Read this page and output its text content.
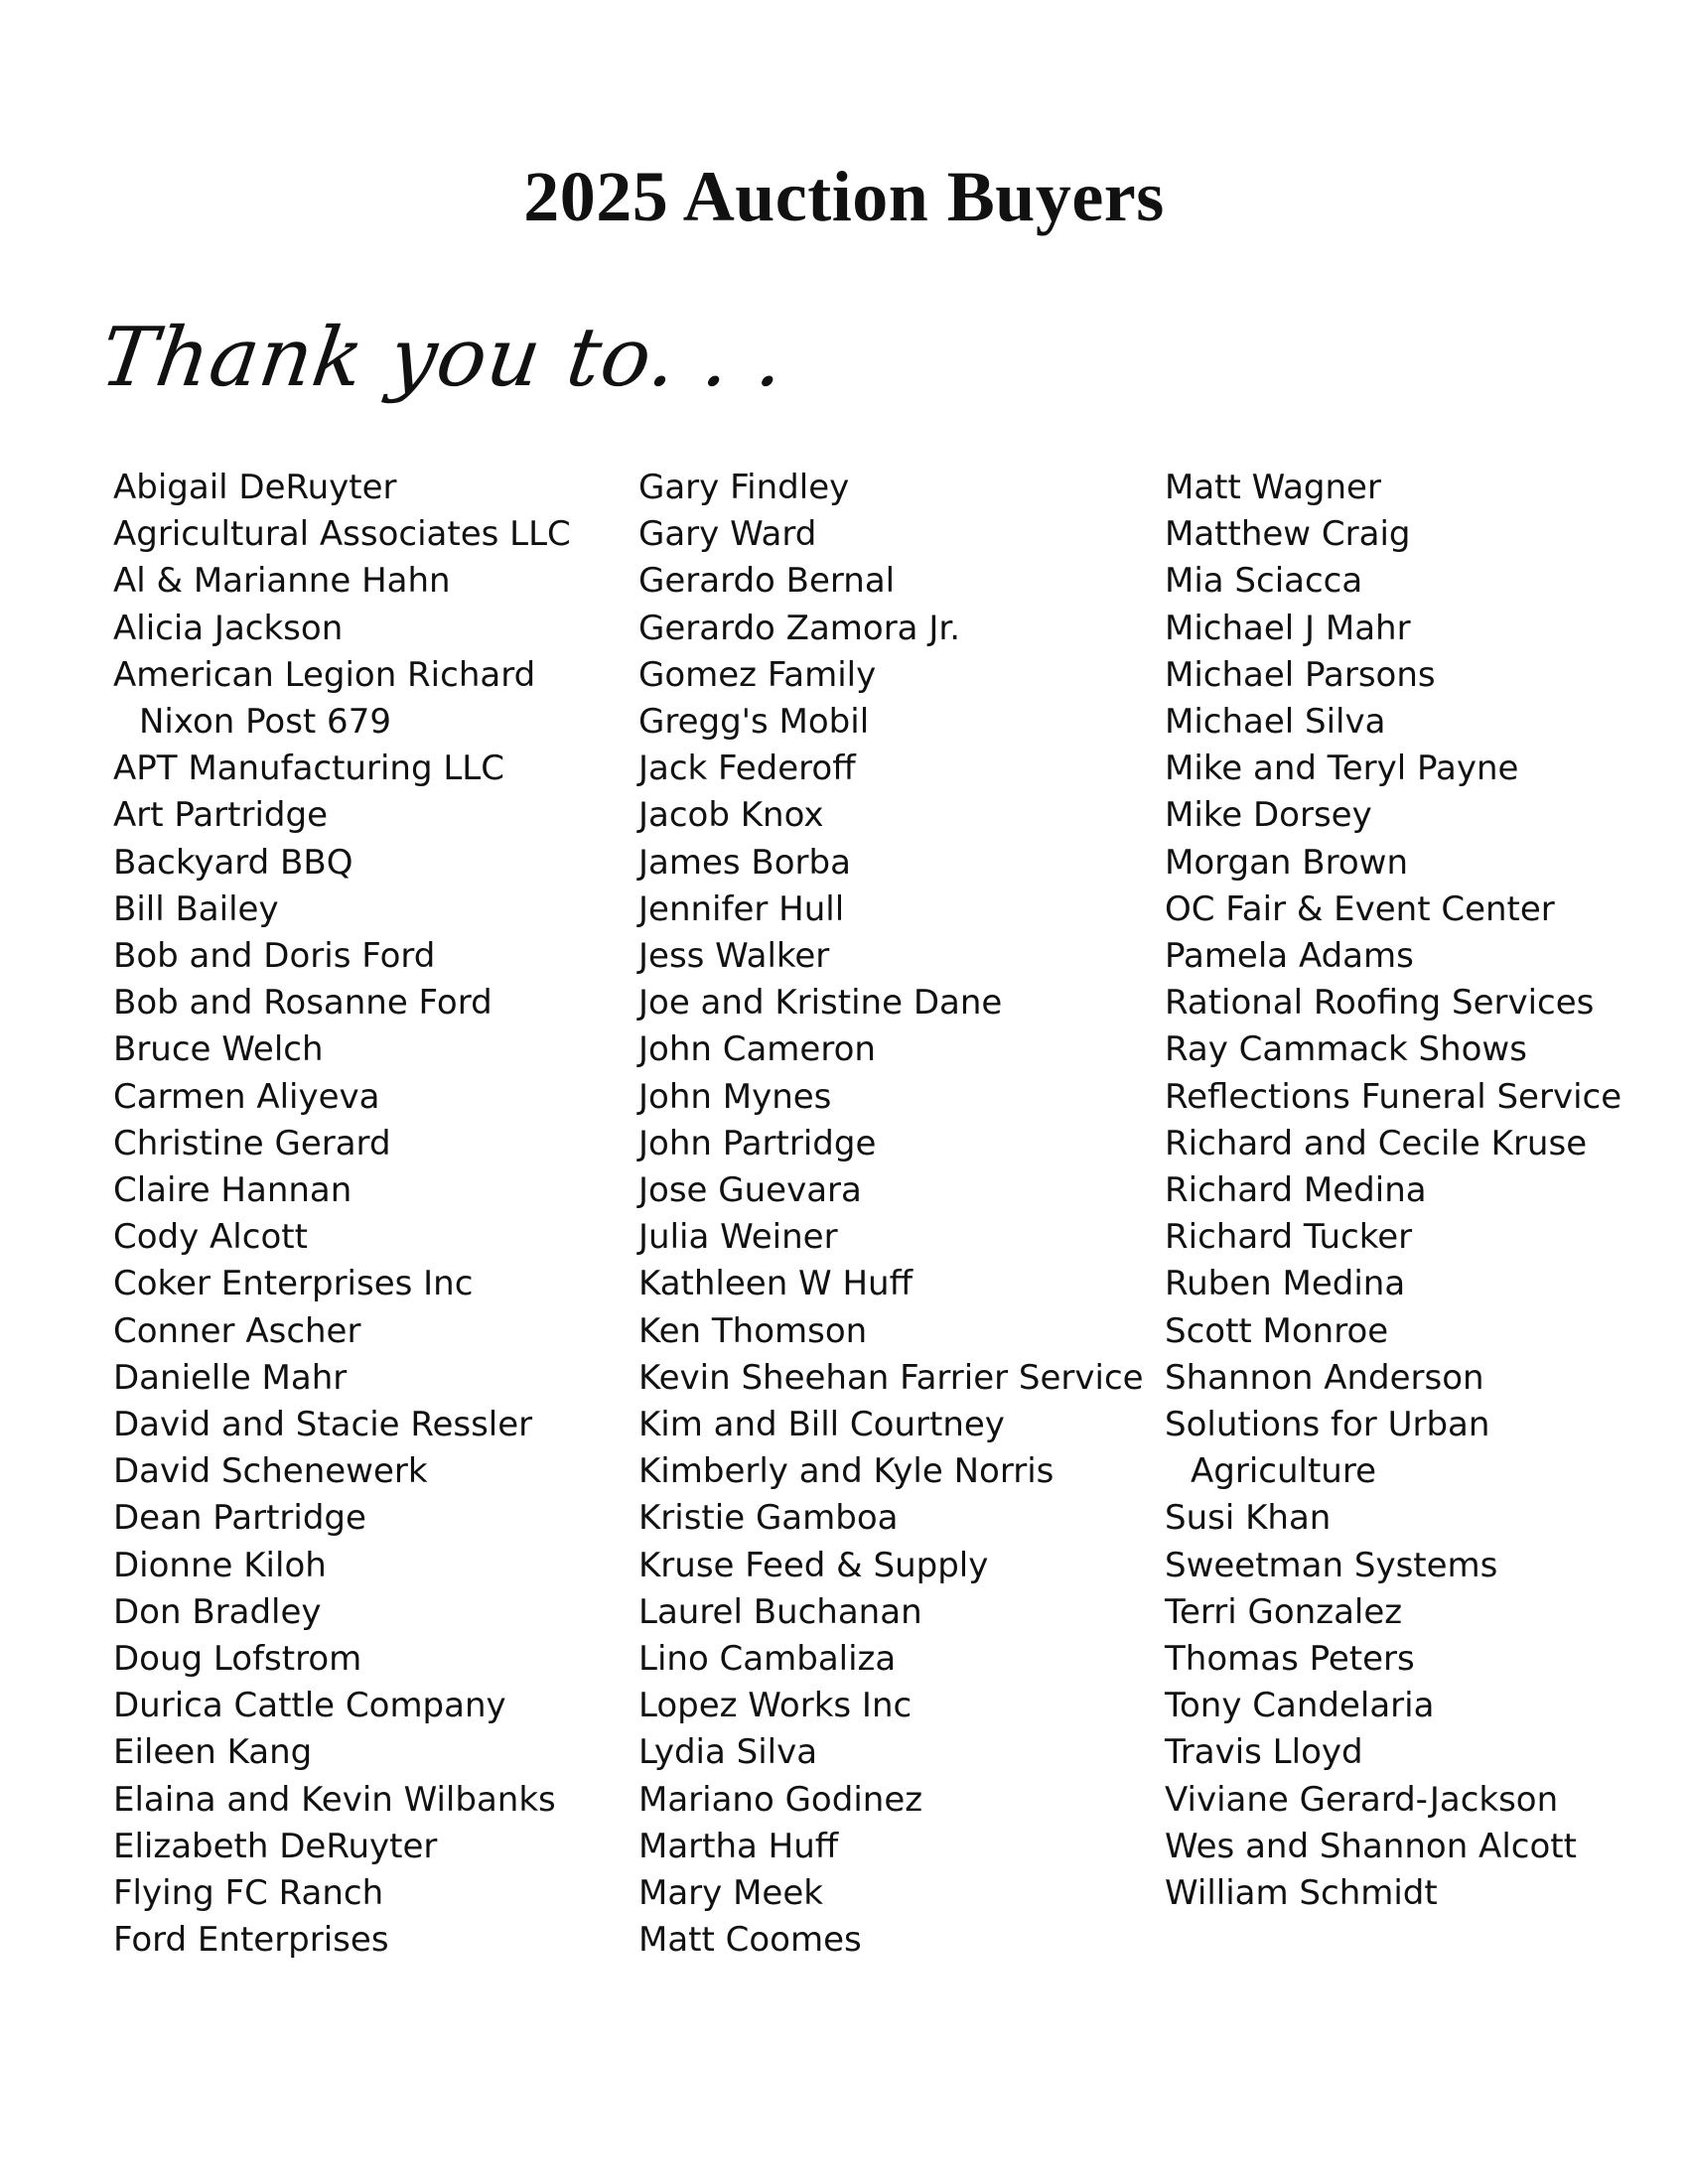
2025 Auction Buyers
Thank you to. . .
Abigail DeRuyter
Agricultural Associates LLC
Al & Marianne Hahn
Alicia Jackson
American Legion Richard Nixon Post 679
APT Manufacturing LLC
Art Partridge
Backyard BBQ
Bill Bailey
Bob and Doris Ford
Bob and Rosanne Ford
Bruce Welch
Carmen Aliyeva
Christine Gerard
Claire Hannan
Cody Alcott
Coker Enterprises Inc
Conner Ascher
Danielle Mahr
David and Stacie Ressler
David Schenewerk
Dean Partridge
Dionne Kiloh
Don Bradley
Doug Lofstrom
Durica Cattle Company
Eileen Kang
Elaina and Kevin Wilbanks
Elizabeth DeRuyter
Flying FC Ranch
Ford Enterprises
Gary Findley
Gary Ward
Gerardo Bernal
Gerardo Zamora Jr.
Gomez Family
Gregg's Mobil
Jack Federoff
Jacob Knox
James Borba
Jennifer Hull
Jess Walker
Joe and Kristine Dane
John Cameron
John Mynes
John Partridge
Jose Guevara
Julia Weiner
Kathleen W Huff
Ken Thomson
Kevin Sheehan Farrier Service
Kim and Bill Courtney
Kimberly and Kyle Norris
Kristie Gamboa
Kruse Feed & Supply
Laurel Buchanan
Lino Cambaliza
Lopez Works Inc
Lydia Silva
Mariano Godinez
Martha Huff
Mary Meek
Matt Coomes
Matt Wagner
Matthew Craig
Mia Sciacca
Michael J Mahr
Michael Parsons
Michael Silva
Mike and Teryl Payne
Mike Dorsey
Morgan Brown
OC Fair & Event Center
Pamela Adams
Rational Roofing Services
Ray Cammack Shows
Reflections Funeral Service
Richard and Cecile Kruse
Richard Medina
Richard Tucker
Ruben Medina
Scott Monroe
Shannon Anderson
Solutions for Urban Agriculture
Susi Khan
Sweetman Systems
Terri Gonzalez
Thomas Peters
Tony Candelaria
Travis Lloyd
Viviane Gerard-Jackson
Wes and Shannon Alcott
William Schmidt
